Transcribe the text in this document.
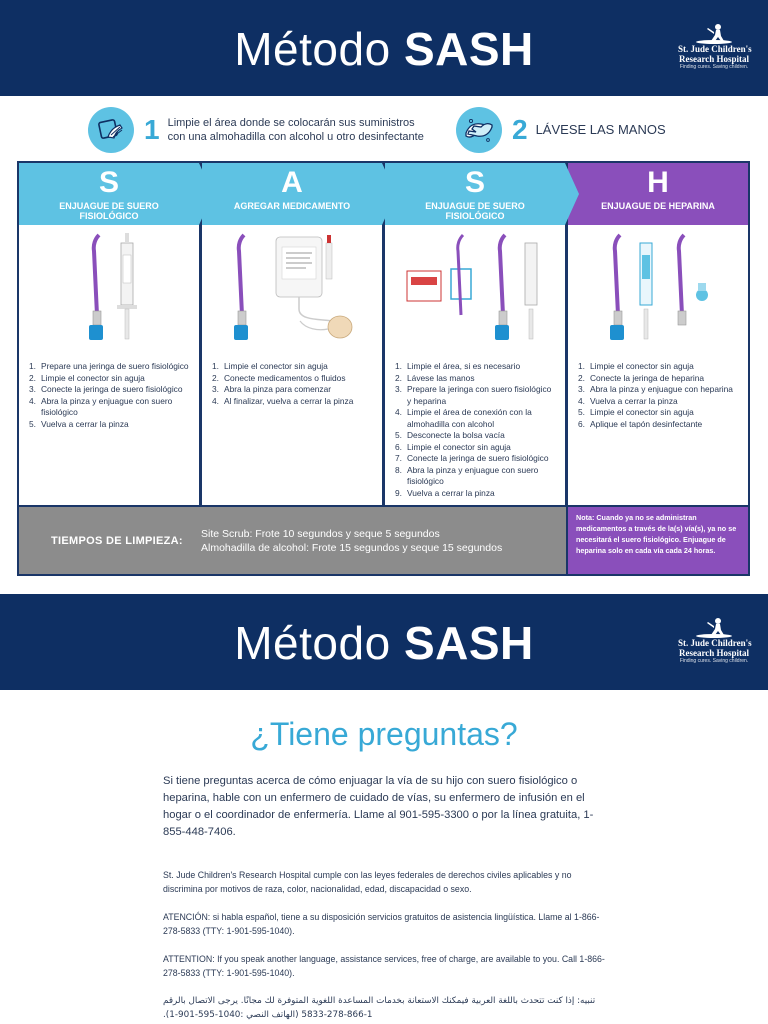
Método SASH	St. Jude Children's
Research Hospital
Finding cures. Saving children.
1 Limpie el área donde se colocarán sus suministros con una almohadilla con alcohol u otro desinfectante	2 LÁVESE LAS MANOS
S
ENJUAGUE DE SUERO FISIOLÓGICO
1. Prepare una jeringa de suero fisiológico
2. Limpie el conector sin aguja
3. Conecte la jeringa de suero fisiológico
4. Abra la pinza y enjuague con suero fisiológico
5. Vuelva a cerrar la pinza
A
AGREGAR MEDICAMENTO
1. Limpie el conector sin aguja
2. Conecte medicamentos o fluidos
3. Abra la pinza para comenzar
4. Al finalizar, vuelva a cerrar la pinza
S
ENJUAGUE DE SUERO FISIOLÓGICO
1. Limpie el área, si es necesario
2. Lávese las manos
3. Prepare la jeringa con suero fisiológico y heparina
4. Limpie el área de conexión con la almohadilla con alcohol
5. Desconecte la bolsa vacía
6. Limpie el conector sin aguja
7. Conecte la jeringa de suero fisiológico
8. Abra la pinza y enjuague con suero fisiológico
9. Vuelva a cerrar la pinza
H
ENJUAGUE DE HEPARINA
1. Limpie el conector sin aguja
2. Conecte la jeringa de heparina
3. Abra la pinza y enjuague con heparina
4. Vuelva a cerrar la pinza
5. Limpie el conector sin aguja
6. Aplique el tapón desinfectante
TIEMPOS DE LIMPIEZA:
Site Scrub: Frote 10 segundos y seque 5 segundos
Almohadilla de alcohol: Frote 15 segundos y seque 15 segundos
Nota: Cuando ya no se administran medicamentos a través de la(s) vía(s), ya no se necesitará el suero fisiológico. Enjuague de heparina solo en cada vía cada 24 horas.
Método SASH	St. Jude Children's
Research Hospital
Finding cures. Saving children.
¿Tiene preguntas?
Si tiene preguntas acerca de cómo enjuagar la vía de su hijo con suero fisiológico o heparina, hable con un enfermero de cuidado de vías, su enfermero de infusión en el hogar o el coordinador de enfermería. Llame al 901-595-3300 o por la línea gratuita, 1-855-448-7406.
St. Jude Children's Research Hospital cumple con las leyes federales de derechos civiles aplicables y no discrimina por motivos de raza, color, nacionalidad, edad, discapacidad o sexo.
ATENCIÓN: si habla español, tiene a su disposición servicios gratuitos de asistencia lingüística. Llame al 1-866-278-5833 (TTY: 1-901-595-1040).
ATTENTION: If you speak another language, assistance services, free of charge, are available to you. Call 1-866-278-5833 (TTY: 1-901-595-1040).
تنبيه: إذا كنت تتحدث باللغة العربية فيمكنك الاستعانة بخدمات المساعدة اللغوية المتوفرة لك مجانًا. يرجى الاتصال بالرقم 1-866-278-5833 (الهاتف النصي :1040-595-901-1).
